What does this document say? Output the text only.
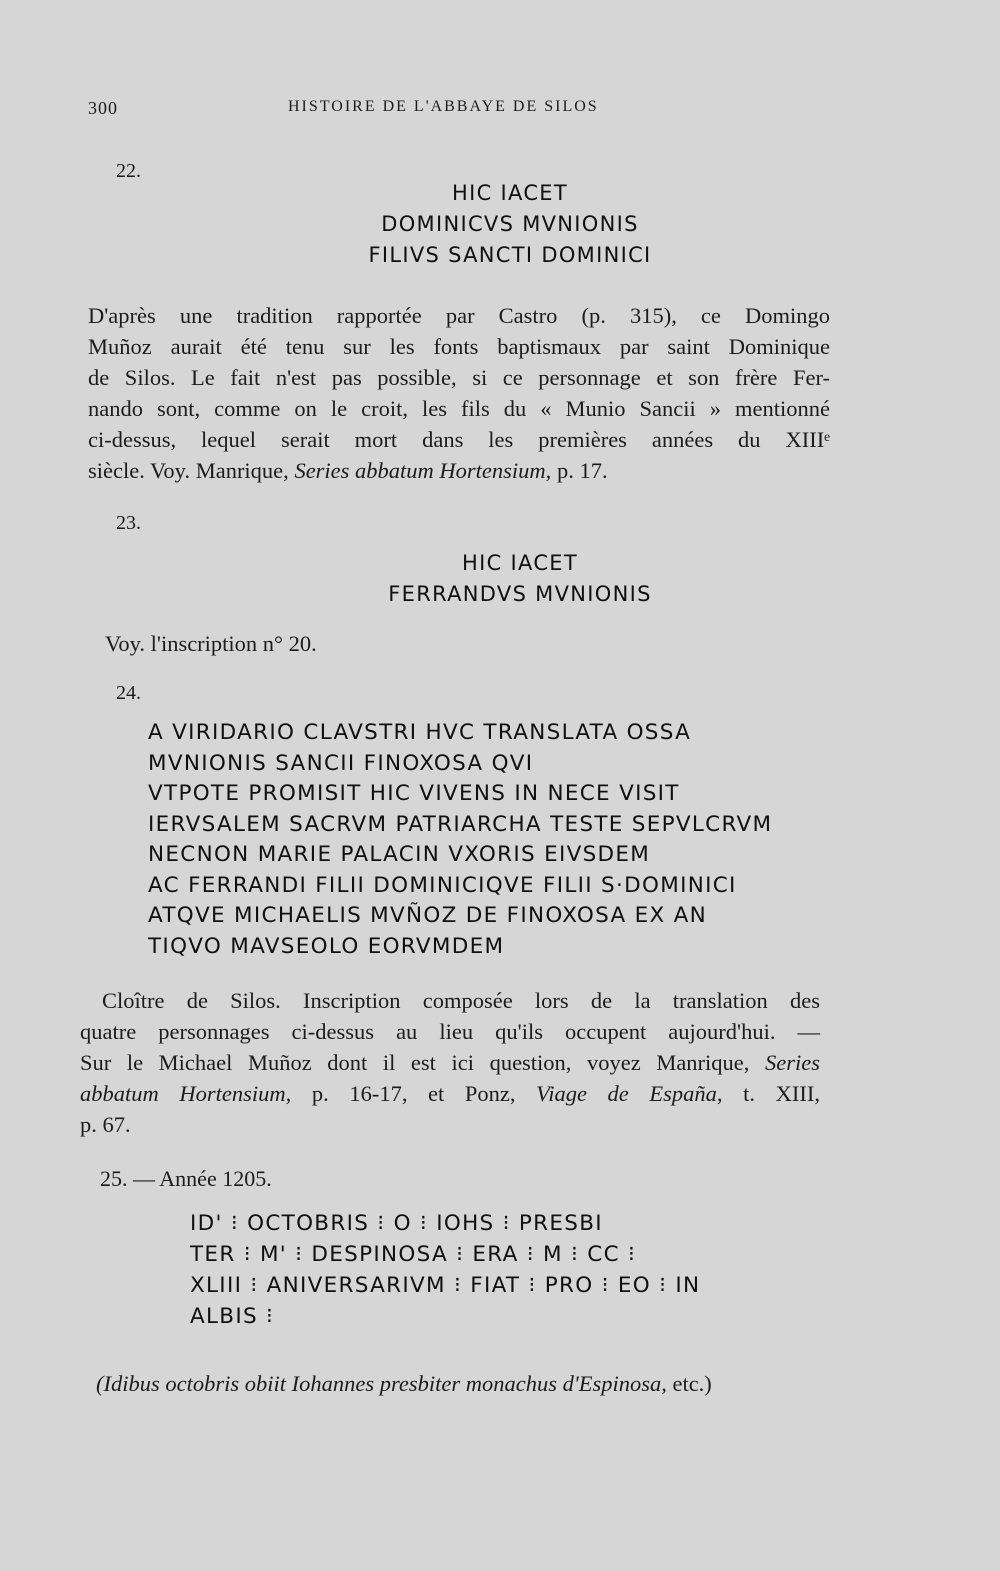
300	HISTOIRE DE L'ABBAYE DE SILOS
22.
HIC IACET
DOMINICVS MVNIONIS
FILIVS SANCTI DOMINICI
D'après une tradition rapportée par Castro (p. 315), ce Domingo
Muñoz aurait été tenu sur les fonts baptismaux par saint Dominique
de Silos. Le fait n'est pas possible, si ce personnage et son frère Fer-
nando sont, comme on le croit, les fils du « Munio Sancii » mentionné
ci-dessus, lequel serait mort dans les premières années du XIIIᵉ
siècle. Voy. Manrique, Series abbatum Hortensium, p. 17.
23.
HIC IACET
FERRANDVS MVNIONIS
Voy. l'inscription n° 20.
24.
A VIRIDARIO CLAVSTRI HVC TRANSLATA OSSA
MVNIONIS SANCII FINOXOSA QVI
VTPOTE PROMISIT HIC VIVENS IN NECE VISIT
IERVSALEM SACRVM PATRIARCHA TESTE SEPVLCRVM
NECNON MARIE PALACIN VXORIS EIVSDEM
AC FERRANDI FILII DOMINICIQVE FILII S·DOMINICI
ATQVE MICHAELIS MVÑOZ DE FINOXOSA EX AN
TIQVO MAVSEOLO EORVMDEM
Cloître de Silos. Inscription composée lors de la translation des
quatre personnages ci-dessus au lieu qu'ils occupent aujourd'hui. —
Sur le Michael Muñoz dont il est ici question, voyez Manrique, Series
abbatum Hortensium, p. 16-17, et Ponz, Viage de España, t. XIII,
p. 67.
25. — Année 1205.
ID' ⁝ OCTOBRIS ⁝ O ⁝ IOHS ⁝ PRESBI
TER ⁝ M' ⁝ DESPINOSA ⁝ ERA ⁝ M ⁝ CC ⁝
XLIII ⁝ ANIVERSARIVM ⁝ FIAT ⁝ PRO ⁝ EO ⁝ IN
ALBIS ⁝
(Idibus octobris obiit Iohannes presbiter monachus d'Espinosa, etc.)
